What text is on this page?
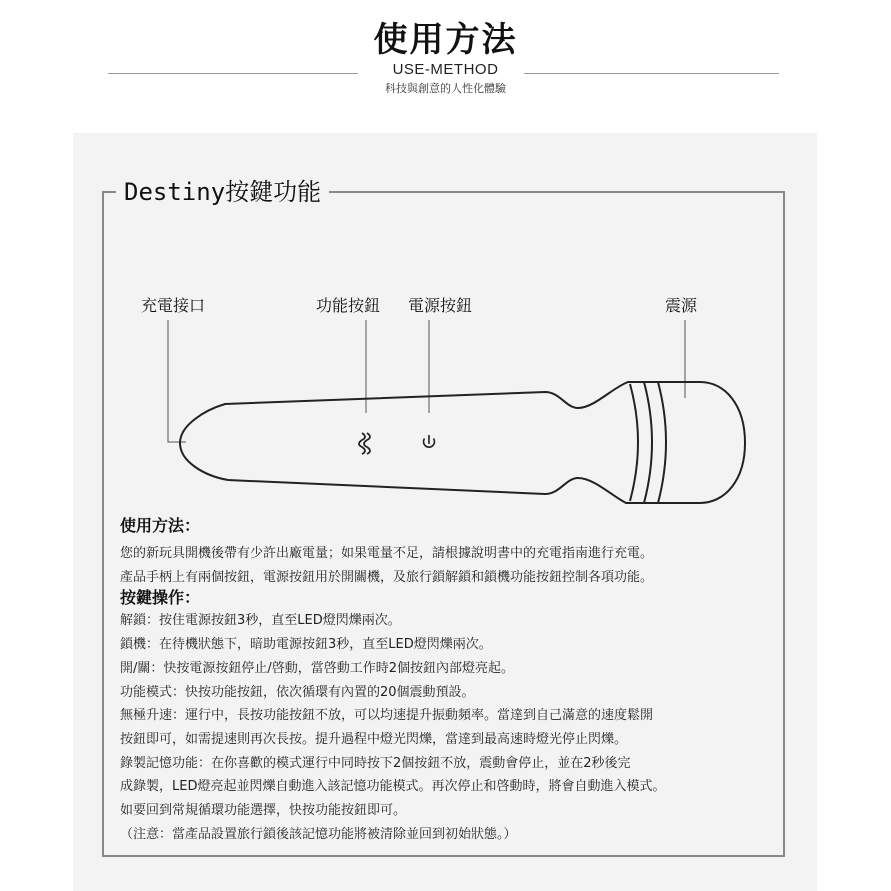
使用方法
USE-METHOD
科技與創意的人性化體驗
Destiny按鍵功能
充電接口	功能按鈕 電源按鈕	震源
使用方法：
您的新玩具開機後帶有少許出廠電量；如果電量不足，請根據說明書中的充電指南進行充電。
產品手柄上有兩個按鈕，電源按鈕用於開關機，及旅行鎖解鎖和鎖機功能按鈕控制各項功能。
按鍵操作：
解鎖：按住電源按鈕3秒，直至LED燈閃爍兩次。
鎖機：在待機狀態下，暗助電源按鈕3秒，直至LED燈閃爍兩次。
開/關：快按電源按鈕停止/啓動，當啓動工作時2個按鈕內部燈亮起。
功能模式：快按功能按鈕，依次循環有內置的20個震動預設。
無極升速：運行中，長按功能按鈕不放，可以均速提升振動頻率。當達到自己滿意的速度鬆開
按鈕即可，如需提速則再次長按。提升過程中燈光閃爍，當達到最高速時燈光停止閃爍。
錄製記憶功能：在你喜歡的模式運行中同時按下2個按鈕不放，震動會停止，並在2秒後完
成錄製，LED燈亮起並閃爍自動進入該記憶功能模式。再次停止和啓動時，將會自動進入模式。
如要回到常規循環功能選擇，快按功能按鈕即可。
（注意：當產品設置旅行鎖後該記憶功能將被清除並回到初始狀態。）
